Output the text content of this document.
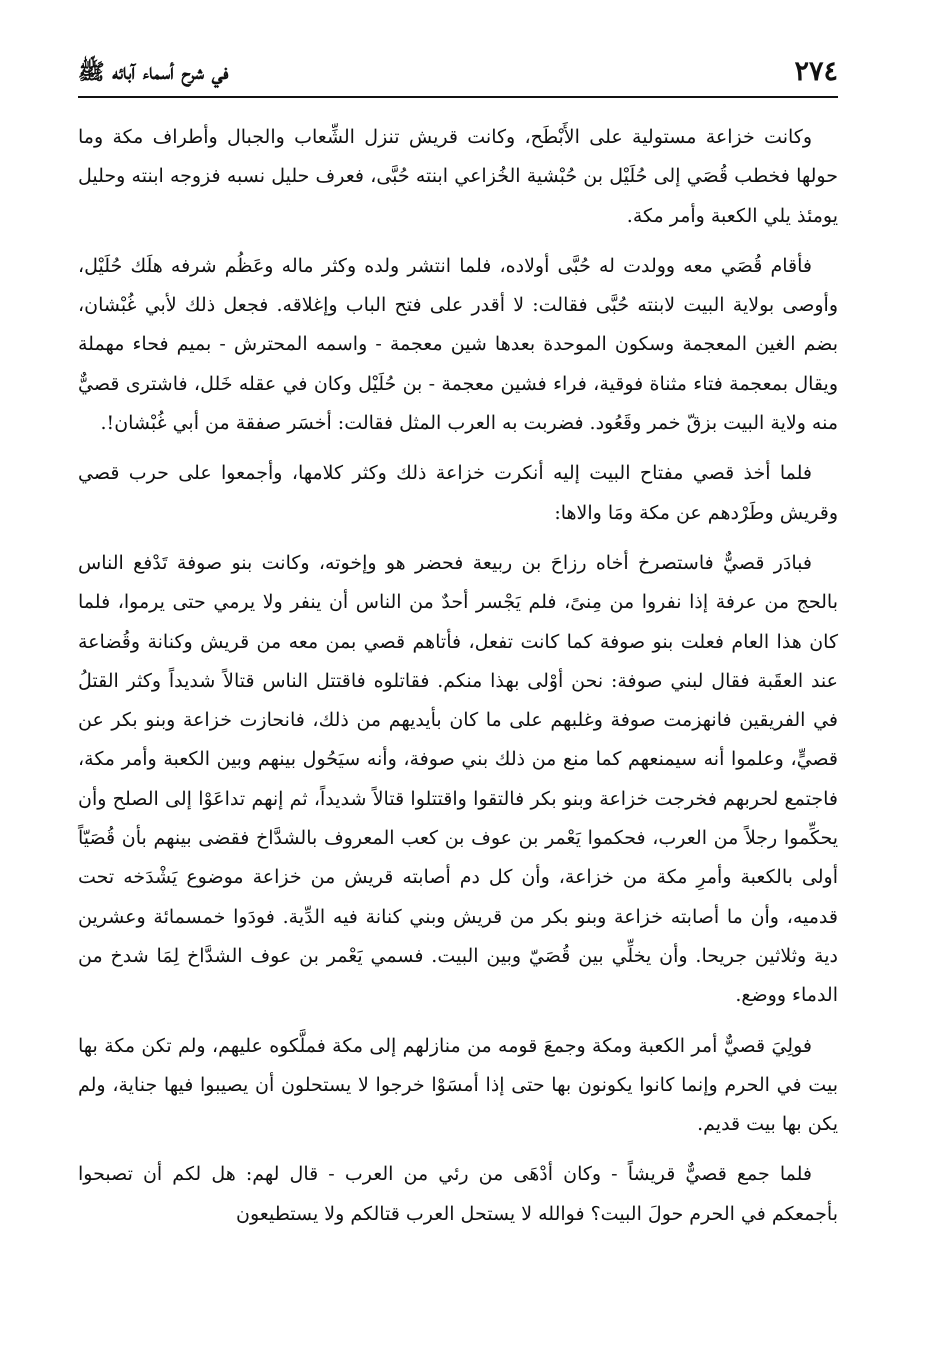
٢٧٤
في شرح أسماء آبائه ﷺ

وكانت خزاعة مستولية على الأَبْطَح، وكانت قريش تنزل الشِّعاب والجبال وأطراف مكة وما حولها فخطب قُصَي إلى حُلَيْل بن حُبْشية الخُزاعي ابنته حُبَّى، فعرف حليل نسبه فزوجه ابنته وحليل يومئذ يلي الكعبة وأمر مكة.

فأقام قُصَي معه وولدت له حُبَّى أولاده، فلما انتشر ولده وكثر ماله وعَظُم شرفه هلَك حُلَيْل، وأوصى بولاية البيت لابنته حُبَّى فقالت: لا أقدر على فتح الباب وإغلاقه. فجعل ذلك لأبي غُبْشان، بضم الغين المعجمة وسكون الموحدة بعدها شين معجمة - واسمه المحترش - بميم فحاء مهملة ويقال بمعجمة فتاء مثناة فوقية، فراء فشين معجمة - بن حُلَيْل وكان في عقله خَلل، فاشترى قصيٌّ منه ولاية البيت بزقّ خمر وقَعُود. فضربت به العرب المثل فقالت: أخسَر صفقة من أبي غُبْشان!.

فلما أخذ قصي مفتاح البيت إليه أنكرت خزاعة ذلك وكثر كلامها، وأجمعوا على حرب قصي وقريش وطَرْدهم عن مكة ومَا والاها:

فبادَر قصيٌّ فاستصرخ أخاه رزاحَ بن ربيعة فحضر هو وإخوته، وكانت بنو صوفة تَدْفع الناس بالحج من عرفة إذا نفروا من مِنىً، فلم يَجْسر أحدٌ من الناس أن ينفر ولا يرمي حتى يرموا، فلما كان هذا العام فعلت بنو صوفة كما كانت تفعل، فأتاهم قصي بمن معه من قريش وكنانة وقُضاعة عند العقَبة فقال لبني صوفة: نحن أوْلى بهذا منكم. فقاتلوه فاقتتل الناس قتالاً شديداً وكثر القتلُ في الفريقين فانهزمت صوفة وغلبهم على ما كان بأيديهم من ذلك، فانحازت خزاعة وبنو بكر عن قصيٍّ، وعلموا أنه سيمنعهم كما منع من ذلك بني صوفة، وأنه سيَحُول بينهم وبين الكعبة وأمر مكة، فاجتمع لحربهم فخرجت خزاعة وبنو بكر فالتقوا واقتتلوا قتالاً شديداً، ثم إنهم تداعَوْا إلى الصلح وأن يحكِّموا رجلاً من العرب، فحكموا يَعْمر بن عوف بن كعب المعروف بالشدَّاخ فقضى بينهم بأن قُصَيّاً أولى بالكعبة وأمرِ مكة من خزاعة، وأن كل دم أصابته قريش من خزاعة موضوع يَشْدَخه تحت قدميه، وأن ما أصابته خزاعة وبنو بكر من قريش وبني كنانة فيه الدِّية. فودَوا خمسمائة وعشرين دية وثلاثين جريحا. وأن يخلِّي بين قُصَيّ وبين البيت. فسمي يَعْمر بن عوف الشدَّاخ لِمَا شدخ من الدماء ووضع.

فولِيَ قصيٌّ أمر الكعبة ومكة وجمعَ قومه من منازلهم إلى مكة فملَّكوه عليهم، ولم تكن مكة بها بيت في الحرم وإنما كانوا يكونون بها حتى إذا أمسَوْا خرجوا لا يستحلون أن يصيبوا فيها جناية، ولم يكن بها بيت قديم.

فلما جمع قصيٌّ قريشاً - وكان أدْهَى من رئي من العرب - قال لهم: هل لكم أن تصبحوا بأجمعكم في الحرم حولَ البيت؟ فوالله لا يستحل العرب قتالكم ولا يستطيعون
